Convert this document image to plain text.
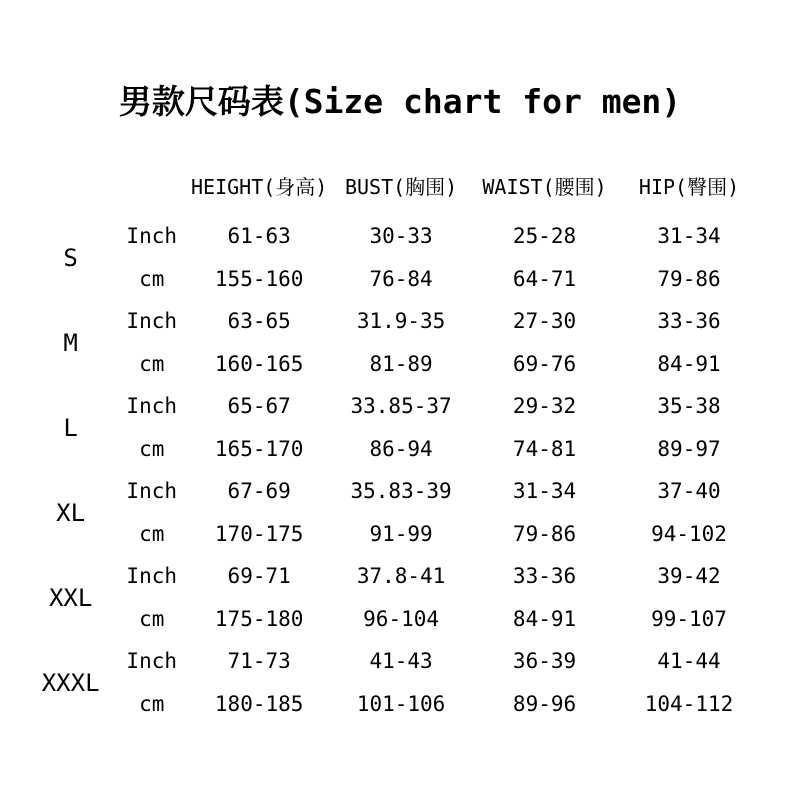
男款尺码表(Size chart for men)
		HEIGHT(身高)	BUST(胸围)	WAIST(腰围)	HIP(臀围)
S	Inch	61-63	30-33	25-28	31-34
	cm	155-160	76-84	64-71	79-86
M	Inch	63-65	31.9-35	27-30	33-36
	cm	160-165	81-89	69-76	84-91
L	Inch	65-67	33.85-37	29-32	35-38
	cm	165-170	86-94	74-81	89-97
XL	Inch	67-69	35.83-39	31-34	37-40
	cm	170-175	91-99	79-86	94-102
XXL	Inch	69-71	37.8-41	33-36	39-42
	cm	175-180	96-104	84-91	99-107
XXXL	Inch	71-73	41-43	36-39	41-44
	cm	180-185	101-106	89-96	104-112
